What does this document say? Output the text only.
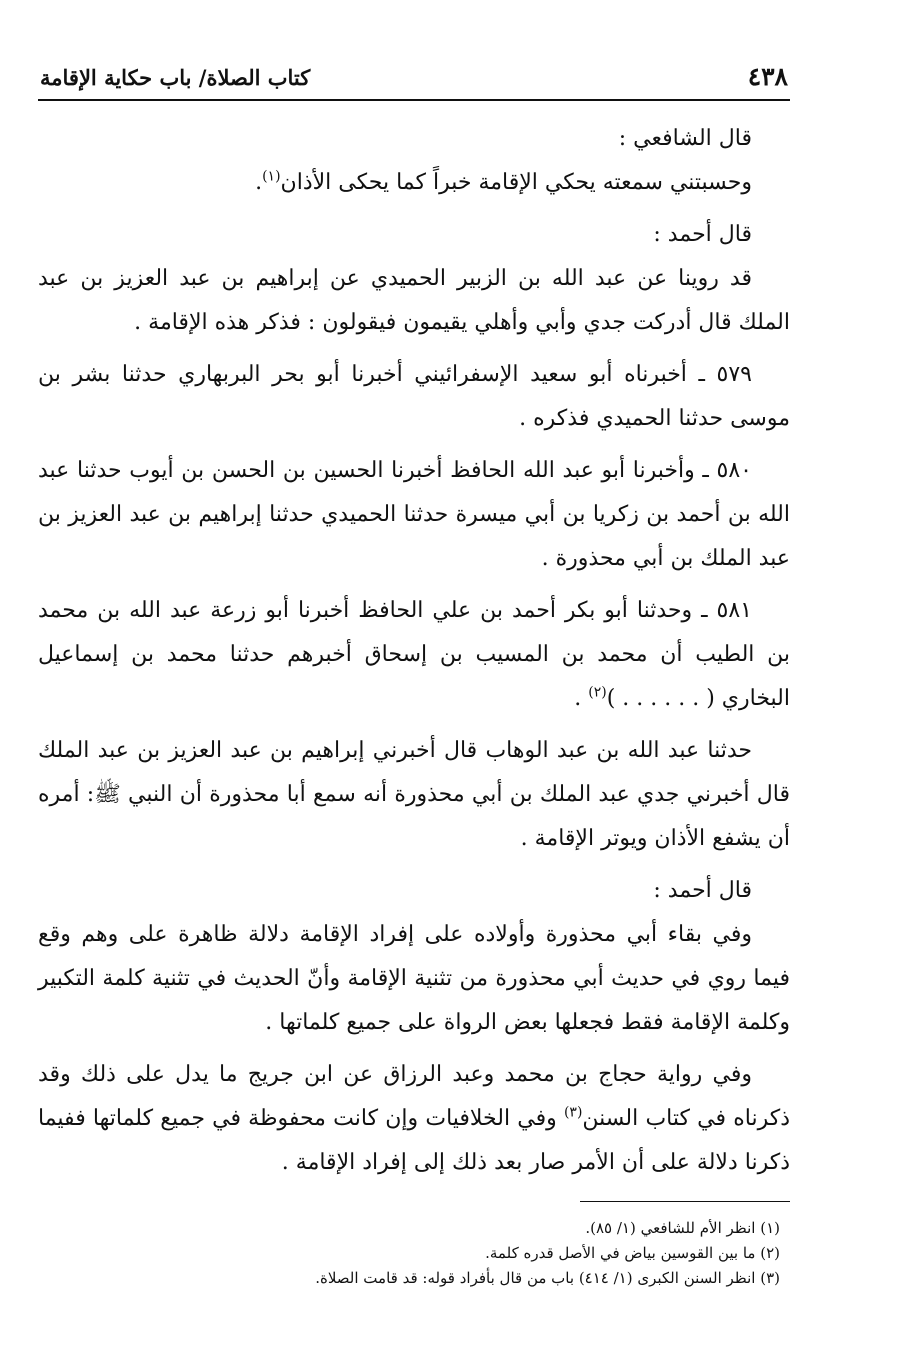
٤٣٨
كتاب الصلاة/ باب حكاية الإقامة

قال الشافعي :

وحسبتني سمعته يحكي الإقامة خبراً كما يحكى الأذان$^{(١)}$.

قال أحمد :

قد روينا عن عبد الله بن الزبير الحميدي عن إبراهيم بن عبد العزيز بن عبد الملك قال أدركت جدي وأبي وأهلي يقيمون فيقولون : فذكر هذه الإقامة .

٥٧٩ ـ أخبرناه أبو سعيد الإسفرائيني أخبرنا أبو بحر البربهاري حدثنا بشر بن موسى حدثنا الحميدي فذكره .

٥٨٠ ـ وأخبرنا أبو عبد الله الحافظ أخبرنا الحسين بن الحسن بن أيوب حدثنا عبد الله بن أحمد بن زكريا بن أبي ميسرة حدثنا الحميدي حدثنا إبراهيم بن عبد العزيز بن عبد الملك بن أبي محذورة .

٥٨١ ـ وحدثنا أبو بكر أحمد بن علي الحافظ أخبرنا أبو زرعة عبد الله بن محمد بن الطيب أن محمد بن المسيب بن إسحاق أخبرهم حدثنا محمد بن إسماعيل البخاري ( . . . . . . )$^{(٢)}$ .

حدثنا عبد الله بن عبد الوهاب قال أخبرني إبراهيم بن عبد العزيز بن عبد الملك قال أخبرني جدي عبد الملك بن أبي محذورة أنه سمع أبا محذورة أن النبي ﷺ: أمره أن يشفع الأذان ويوتر الإقامة .

قال أحمد :

وفي بقاء أبي محذورة وأولاده على إفراد الإقامة دلالة ظاهرة على وهم وقع فيما روي في حديث أبي محذورة من تثنية الإقامة وأنّ الحديث في تثنية كلمة التكبير وكلمة الإقامة فقط فجعلها بعض الرواة على جميع كلماتها .

وفي رواية حجاج بن محمد وعبد الرزاق عن ابن جريج ما يدل على ذلك وقد ذكرناه في كتاب السنن$^{(٣)}$ وفي الخلافيات وإن كانت محفوظة في جميع كلماتها ففيما ذكرنا دلالة على أن الأمر صار بعد ذلك إلى إفراد الإقامة .

(١) انظر الأم للشافعي (١/ ٨٥).
(٢) ما بين القوسين بياض في الأصل قدره كلمة.
(٣) انظر السنن الكبرى (١/ ٤١٤) باب من قال بأفراد قوله: قد قامت الصلاة.
